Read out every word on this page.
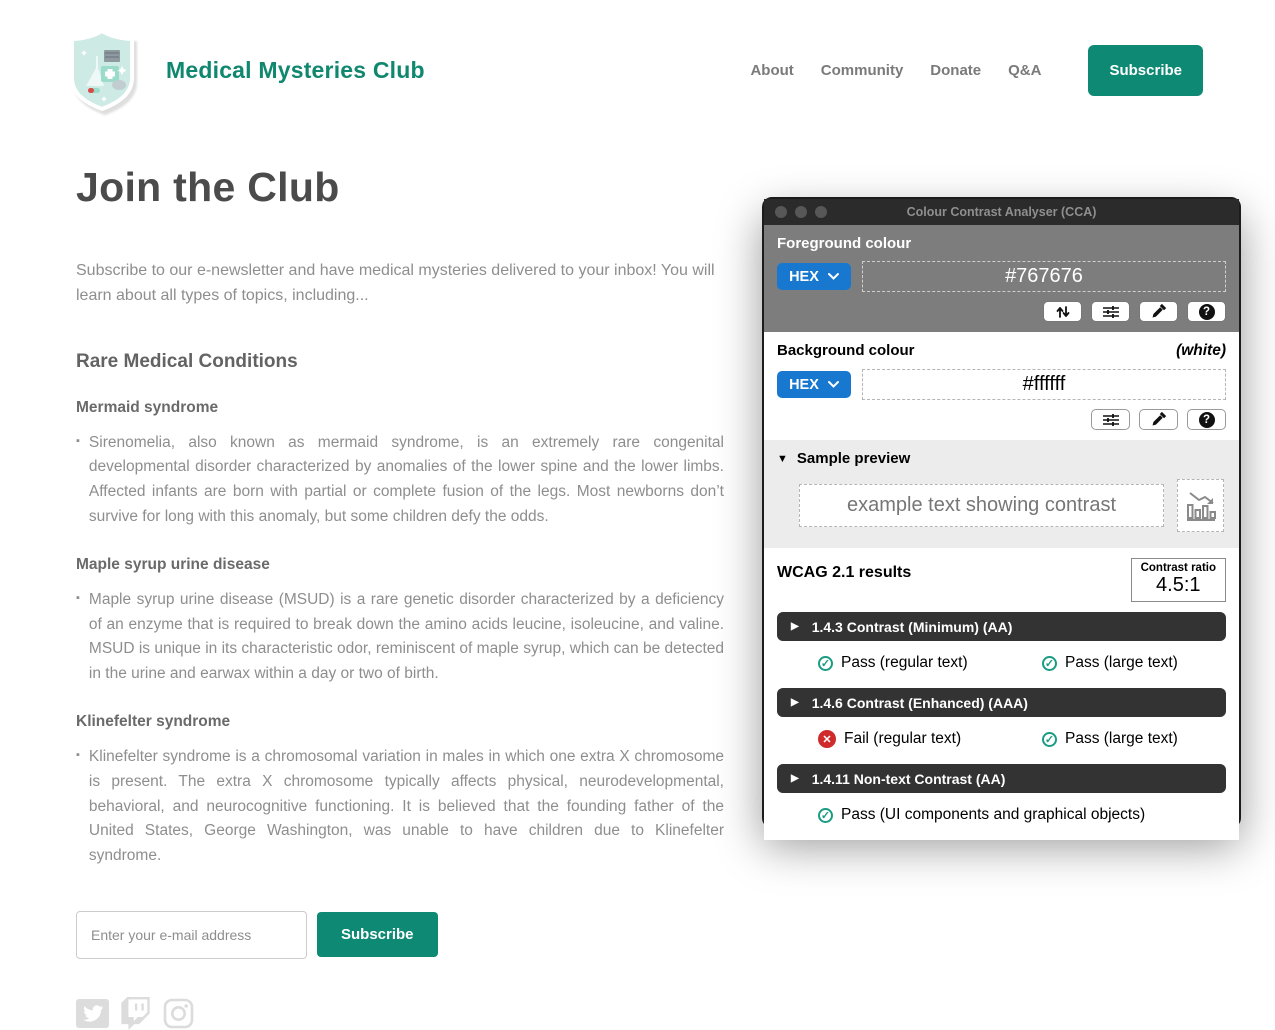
Medical Mysteries Club	About Community Donate Q&A	Subscribe
Join the Club

Subscribe to our e-newsletter and have medical mysteries delivered to your inbox! You will learn about all types of topics, including...

Rare Medical Conditions
Mermaid syndrome
▪ Sirenomelia, also known as mermaid syndrome, is an extremely rare congenital developmental disorder characterized by anomalies of the lower spine and the lower limbs. Affected infants are born with partial or complete fusion of the legs. Most newborns don’t survive for long with this anomaly, but some children defy the odds.
Maple syrup urine disease
▪ Maple syrup urine disease (MSUD) is a rare genetic disorder characterized by a deficiency of an enzyme that is required to break down the amino acids leucine, isoleucine, and valine. MSUD is unique in its characteristic odor, reminiscent of maple syrup, which can be detected in the urine and earwax within a day or two of birth.
Klinefelter syndrome
▪ Klinefelter syndrome is a chromosomal variation in males in which one extra X chromosome is present. The extra X chromosome typically affects physical, neurodevelopmental, behavioral, and neurocognitive functioning. It is believed that the founding father of the United States, George Washington, was unable to have children due to Klinefelter syndrome.
Enter your e-mail address
Subscribe
Colour Contrast Analyser (CCA)
Foreground colour
HEX
#767676
?
Background colour	(white)
HEX
#ffffff
?
▼ Sample preview
example text showing contrast
WCAG 2.1 results	Contrast ratio
4.5:1
▶ 1.4.3 Contrast (Minimum) (AA)
✓ Pass (regular text)	✓ Pass (large text)
▶ 1.4.6 Contrast (Enhanced) (AAA)
✕ Fail (regular text)	✓ Pass (large text)
▶ 1.4.11 Non-text Contrast (AA)
✓ Pass (UI components and graphical objects)
